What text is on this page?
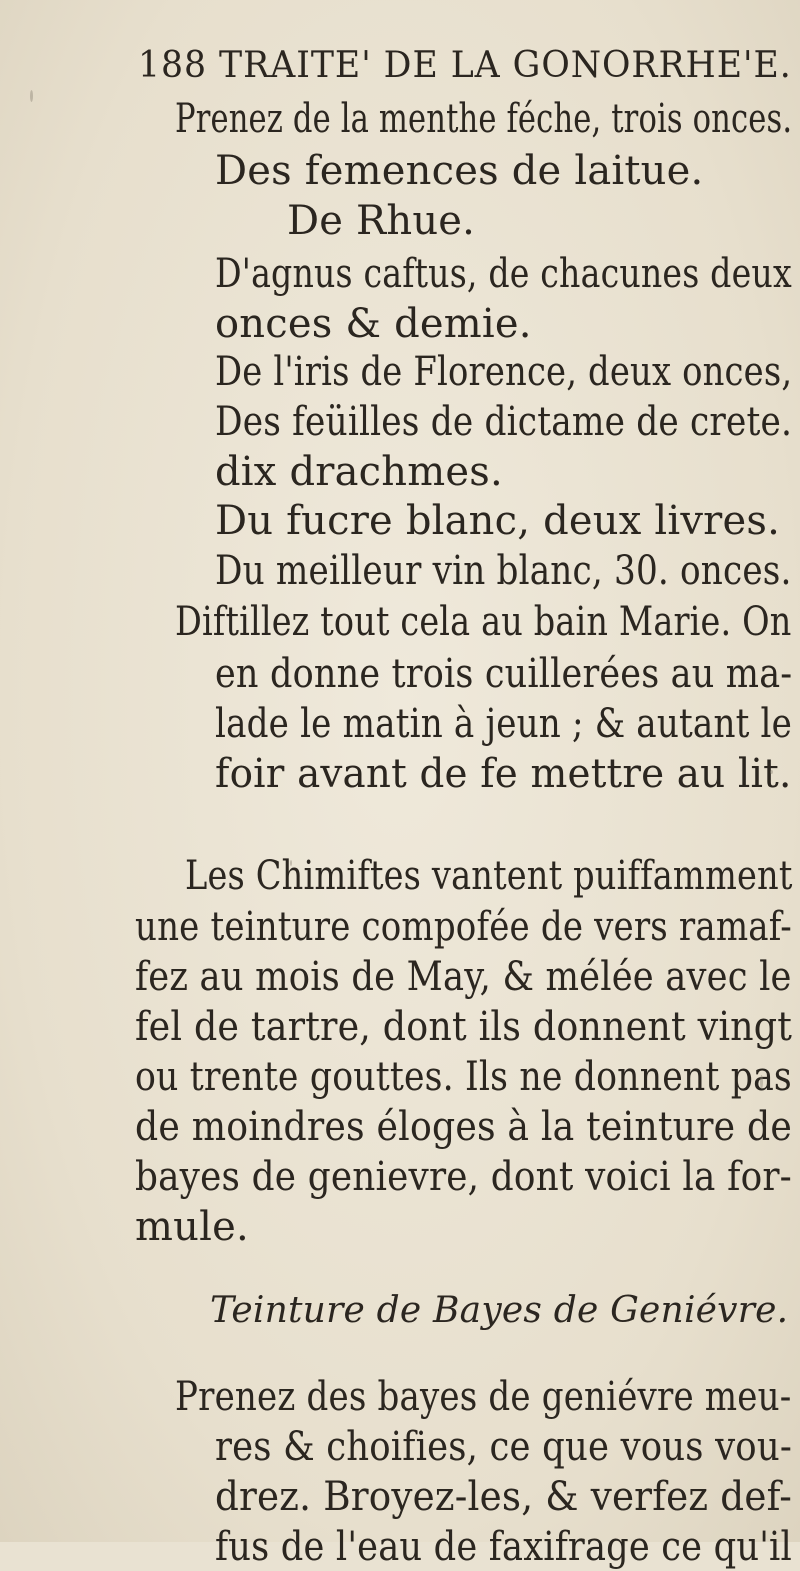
188 TRAITE' DE LA GONORRHE'E.
Prenez de la menthe féche, trois onces.
Des femences de laitue.
De Rhue.
D'agnus caftus, de chacunes deux
onces & demie.
De l'iris de Florence, deux onces,
Des feüilles de dictame de crete.
dix drachmes.
Du fucre blanc, deux livres.
Du meilleur vin blanc, 30. onces.
Diftillez tout cela au bain Marie. On
en donne trois cuillerées au ma-
lade le matin à jeun ; & autant le
foir avant de fe mettre au lit.
Les Chimiftes vantent puiffamment
une teinture compofée de vers ramaf-
fez au mois de May, & mélée avec le
fel de tartre, dont ils donnent vingt
ou trente gouttes. Ils ne donnent pas
de moindres éloges à la teinture de
bayes de genievre, dont voici la for-
mule.
Teinture de Bayes de Geniévre.
Prenez des bayes de geniévre meu-
res & choifies, ce que vous vou-
drez. Broyez-les, & verfez def-
fus de l'eau de faxifrage ce qu'il
